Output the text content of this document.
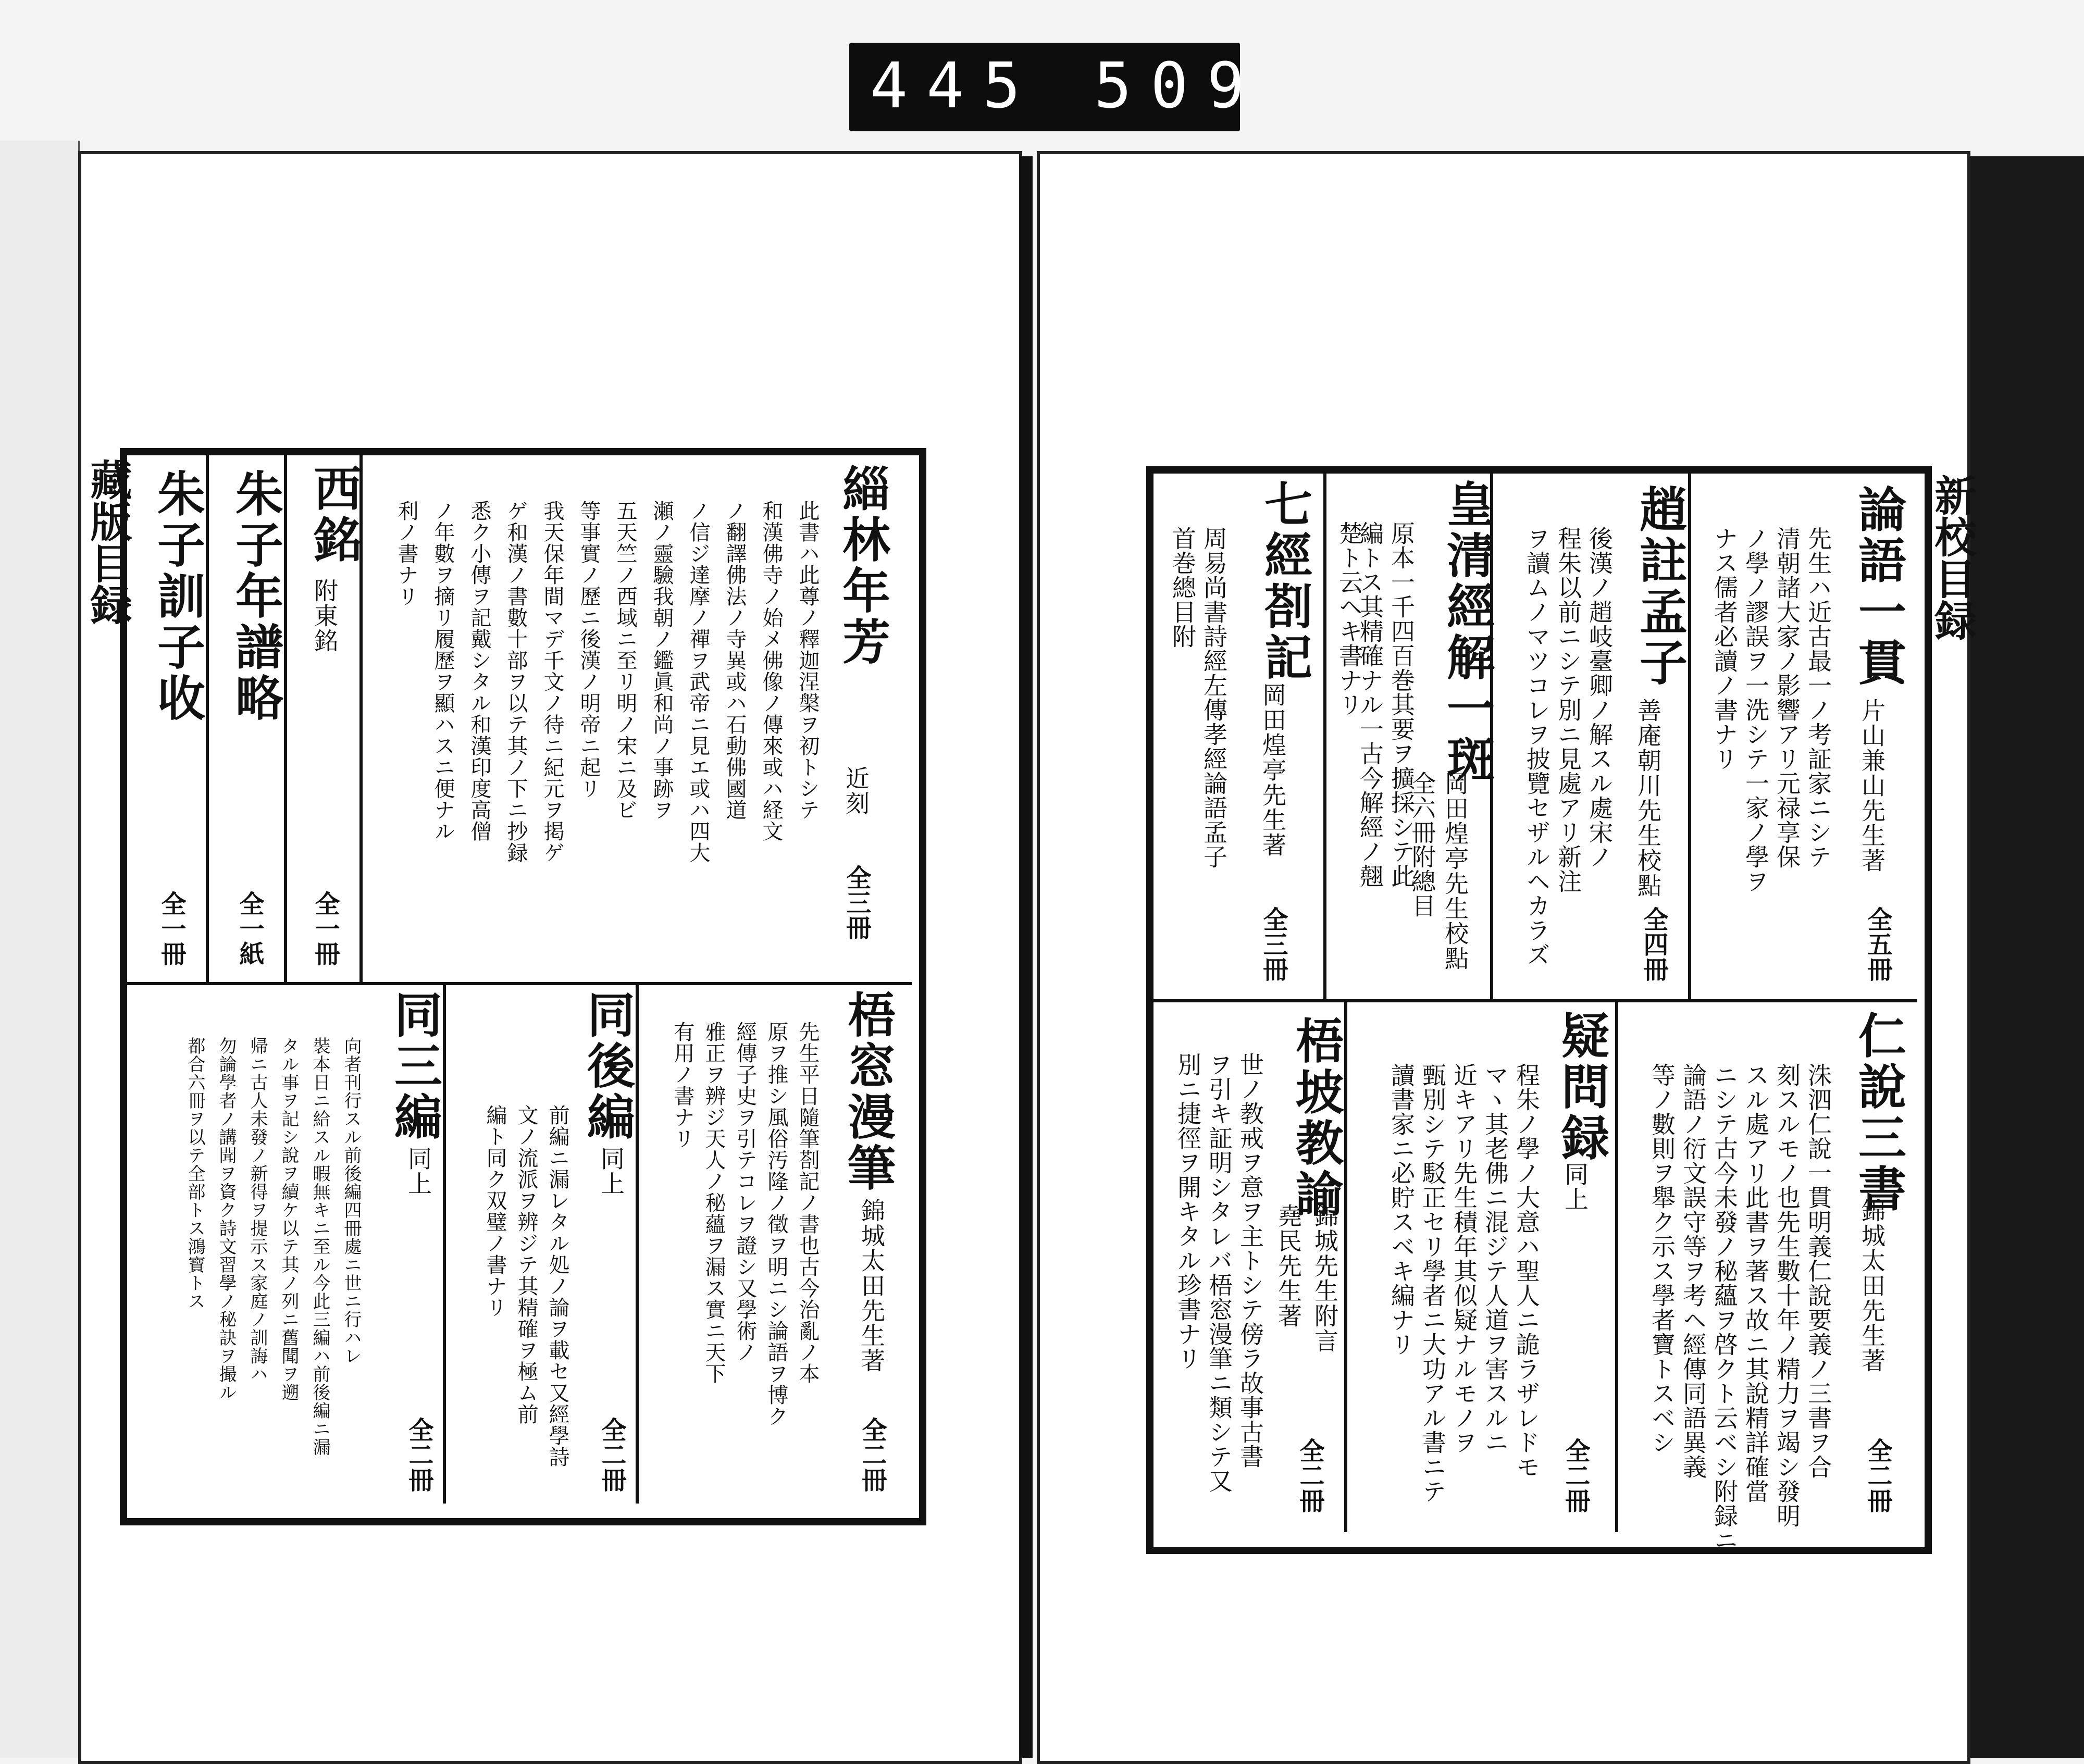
445 509
新校目録
論語一貫
片山兼山先生著
全五冊
先生ハ近古最一ノ考証家ニシテ
清朝諸大家ノ影響アリ元禄享保
ノ學ノ謬誤ヲ一洗シテ一家ノ學ヲ
ナス儒者必讀ノ書ナリ
趙註孟子
善庵朝川先生校點
全四冊
後漢ノ趙岐臺卿ノ解スル處宋ノ
程朱以前ニシテ別ニ見處アリ新注
ヲ讀ムノマツコレヲ披覽セザルヘカラズ
皇清經解一斑
岡田煌亭先生校點
全六冊附總目
原本一千四百巻其要ヲ擴採シテ此
編トス其精確ナル一古今解經ノ翹
楚ト云ヘキ書ナリ
七經剳記
岡田煌亭先生著
全三冊
周易尚書詩經左傳孝經論語孟子
首巻總目附
仁說三書
錦城太田先生著
全二冊
洙泗仁說一貫明義仁說要義ノ三書ヲ合
刻スルモノ也先生數十年ノ精力ヲ竭シ發明
スル處アリ此書ヲ著ス故ニ其說精詳確當
ニシテ古今未發ノ秘蘊ヲ啓クト云ベシ附録ニ
論語ノ衍文誤守等ヲ考ヘ經傳同語異義
等ノ數則ヲ舉ク示ス學者寶トスベシ
疑問録
同上
全二冊
程朱ノ學ノ大意ハ聖人ニ詭ラザレドモ
マヽ其老佛ニ混ジテ人道ヲ害スルニ
近キアリ先生積年其似疑ナルモノヲ
甄別シテ駁正セリ學者ニ大功アル書ニテ
讀書家ニ必貯スベキ編ナリ
梧坡教諭
錦城先生附言
堯民先生著
全二冊
世ノ教戒ヲ意ヲ主トシテ傍ラ故事古書
ヲ引キ証明シタレバ梧窓漫筆ニ類シテ又
別ニ捷徑ヲ開キタル珍書ナリ
藏版目録	緇林年芳
近刻
全三冊
此書ハ此尊ノ釋迦涅槃ヲ初トシテ
和漢佛寺ノ始メ佛像ノ傳來或ハ経文
ノ翻譯佛法ノ寺異或ハ石動佛國道
ノ信ジ達摩ノ禪ヲ武帝ニ見エ或ハ四大
瀬ノ靈驗我朝ノ鑑眞和尚ノ事跡ヲ
五天竺ノ西域ニ至リ明ノ宋ニ及ビ
等事實ノ歷ニ後漢ノ明帝ニ起リ
我天保年間マデ千文ノ待ニ紀元ヲ掲ゲ
ゲ和漢ノ書數十部ヲ以テ其ノ下ニ抄録
悉ク小傳ヲ記戴シタル和漢印度高僧
ノ年數ヲ摘リ履歷ヲ顯ハスニ便ナル
利ノ書ナリ
西銘
附東銘
全一冊
朱子年譜略
全一紙
朱子訓子收
全一冊
梧窓漫筆
錦城太田先生著
全二冊
先生平日隨筆剳記ノ書也古今治亂ノ本
原ヲ推シ風俗汚隆ノ徵ヲ明ニシ論語ヲ博ク
經傳子史ヲ引テコレヲ證シ又學術ノ
雅正ヲ辨ジ天人ノ秘蘊ヲ漏ス實ニ天下
有用ノ書ナリ
同後編
同上
全二冊
前編ニ漏レタル処ノ論ヲ載セ又經學詩
文ノ流派ヲ辨ジテ其精確ヲ極ム前
編ト同ク双璧ノ書ナリ
同三編
同上
全二冊
向者刊行スル前後編四冊處ニ世ニ行ハレ
裝本日ニ給スル暇無キニ至ル今此三編ハ前後編ニ漏
タル事ヲ記シ說ヲ續ケ以テ其ノ列ニ舊聞ヲ遡
帰ニ古人未發ノ新得ヲ提示ス家庭ノ訓誨ハ
勿論學者ノ講聞ヲ資ク詩文習學ノ秘訣ヲ撮ル
都合六冊ヲ以テ全部トス鴻寶トス
